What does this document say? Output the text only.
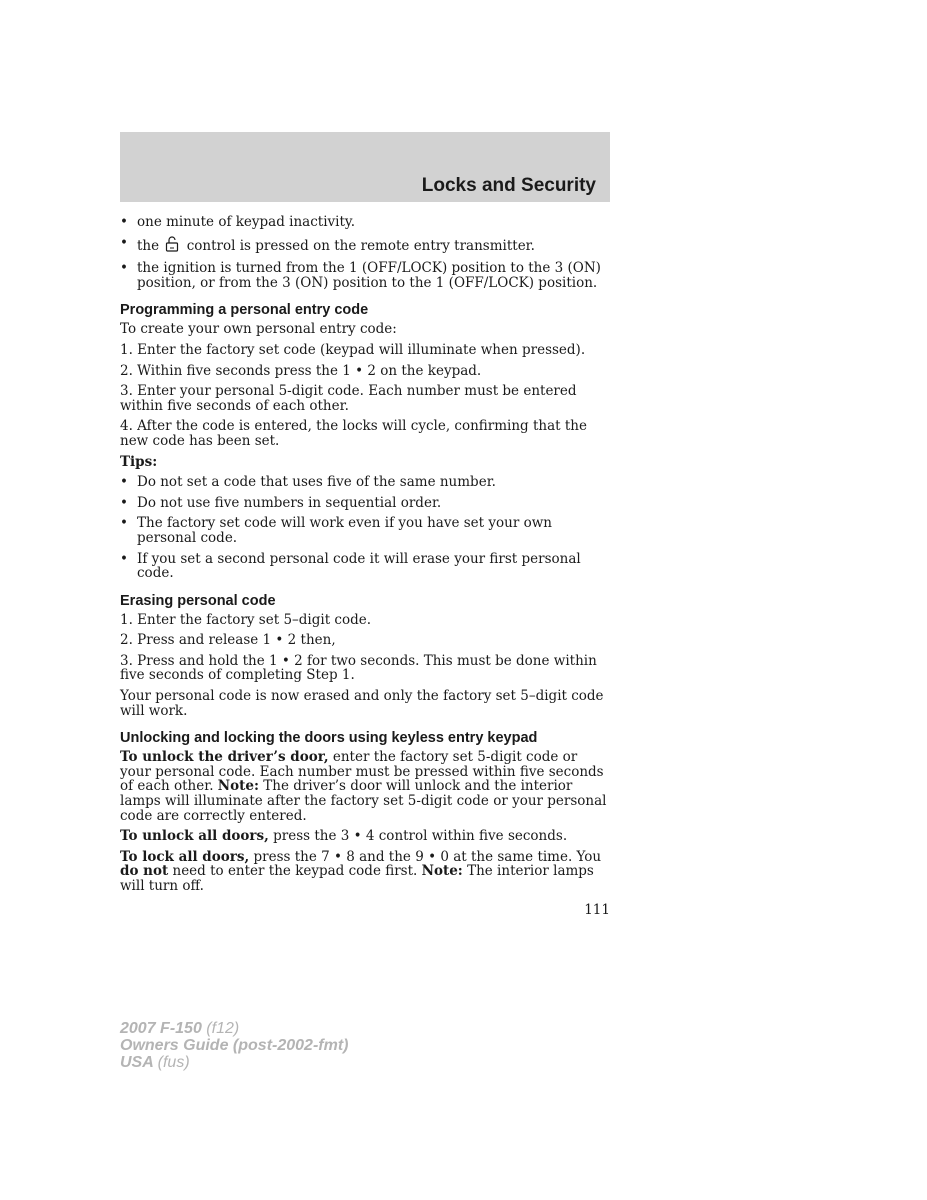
Locks and Security
• one minute of keypad inactivity.
• the control is pressed on the remote entry transmitter.
• the ignition is turned from the 1 (OFF/LOCK) position to the 3 (ON) position, or from the 3 (ON) position to the 1 (OFF/LOCK) position.
Programming a personal entry code
To create your own personal entry code:
1. Enter the factory set code (keypad will illuminate when pressed).
2. Within five seconds press the 1 • 2 on the keypad.
3. Enter your personal 5-digit code. Each number must be entered within five seconds of each other.
4. After the code is entered, the locks will cycle, confirming that the new code has been set.
Tips:
• Do not set a code that uses five of the same number.
• Do not use five numbers in sequential order.
• The factory set code will work even if you have set your own personal code.
• If you set a second personal code it will erase your first personal code.
Erasing personal code
1. Enter the factory set 5–digit code.
2. Press and release 1 • 2 then,
3. Press and hold the 1 • 2 for two seconds. This must be done within five seconds of completing Step 1.
Your personal code is now erased and only the factory set 5–digit code will work.
Unlocking and locking the doors using keyless entry keypad
To unlock the driver’s door, enter the factory set 5-digit code or your personal code. Each number must be pressed within five seconds of each other. Note: The driver’s door will unlock and the interior lamps will illuminate after the factory set 5-digit code or your personal code are correctly entered.
To unlock all doors, press the 3 • 4 control within five seconds.
To lock all doors, press the 7 • 8 and the 9 • 0 at the same time. You do not need to enter the keypad code first. Note: The interior lamps will turn off.
111
2007 F-150 (f12)
Owners Guide (post-2002-fmt)
USA (fus)
